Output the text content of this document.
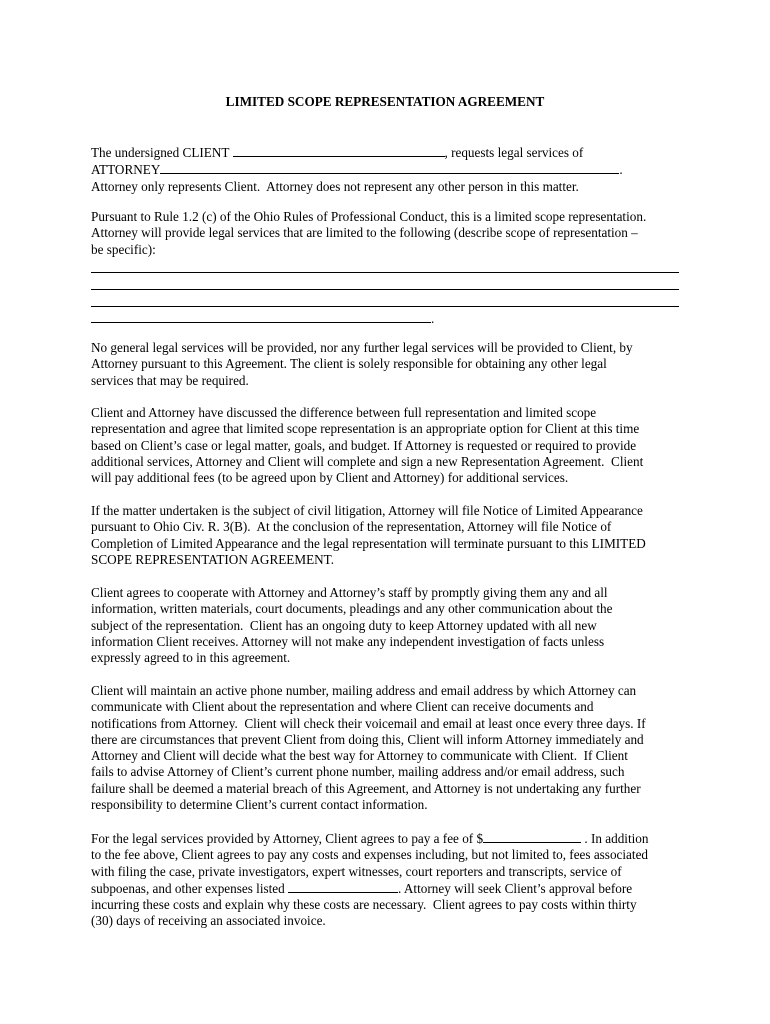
LIMITED SCOPE REPRESENTATION AGREEMENT
The undersigned CLIENT	, requests legal services of
ATTORNEY	.
Attorney only represents Client.  Attorney does not represent any other person in this matter.
Pursuant to Rule 1.2 (c) of the Ohio Rules of Professional Conduct, this is a limited scope representation.
Attorney will provide legal services that are limited to the following (describe scope of representation –
be specific):
.
No general legal services will be provided, nor any further legal services will be provided to Client, by
Attorney pursuant to this Agreement. The client is solely responsible for obtaining any other legal
services that may be required.
Client and Attorney have discussed the difference between full representation and limited scope
representation and agree that limited scope representation is an appropriate option for Client at this time
based on Client’s case or legal matter, goals, and budget. If Attorney is requested or required to provide
additional services, Attorney and Client will complete and sign a new Representation Agreement.  Client
will pay additional fees (to be agreed upon by Client and Attorney) for additional services.
If the matter undertaken is the subject of civil litigation, Attorney will file Notice of Limited Appearance
pursuant to Ohio Civ. R. 3(B).  At the conclusion of the representation, Attorney will file Notice of
Completion of Limited Appearance and the legal representation will terminate pursuant to this LIMITED
SCOPE REPRESENTATION AGREEMENT.
Client agrees to cooperate with Attorney and Attorney’s staff by promptly giving them any and all
information, written materials, court documents, pleadings and any other communication about the
subject of the representation.  Client has an ongoing duty to keep Attorney updated with all new
information Client receives. Attorney will not make any independent investigation of facts unless
expressly agreed to in this agreement.
Client will maintain an active phone number, mailing address and email address by which Attorney can
communicate with Client about the representation and where Client can receive documents and
notifications from Attorney.  Client will check their voicemail and email at least once every three days. If
there are circumstances that prevent Client from doing this, Client will inform Attorney immediately and
Attorney and Client will decide what the best way for Attorney to communicate with Client.  If Client
fails to advise Attorney of Client’s current phone number, mailing address and/or email address, such
failure shall be deemed a material breach of this Agreement, and Attorney is not undertaking any further
responsibility to determine Client’s current contact information.
For the legal services provided by Attorney, Client agrees to pay a fee of $	. In addition
to the fee above, Client agrees to pay any costs and expenses including, but not limited to, fees associated
with filing the case, private investigators, expert witnesses, court reporters and transcripts, service of
subpoenas, and other expenses listed	. Attorney will seek Client’s approval before
incurring these costs and explain why these costs are necessary.  Client agrees to pay costs within thirty
(30) days of receiving an associated invoice.
